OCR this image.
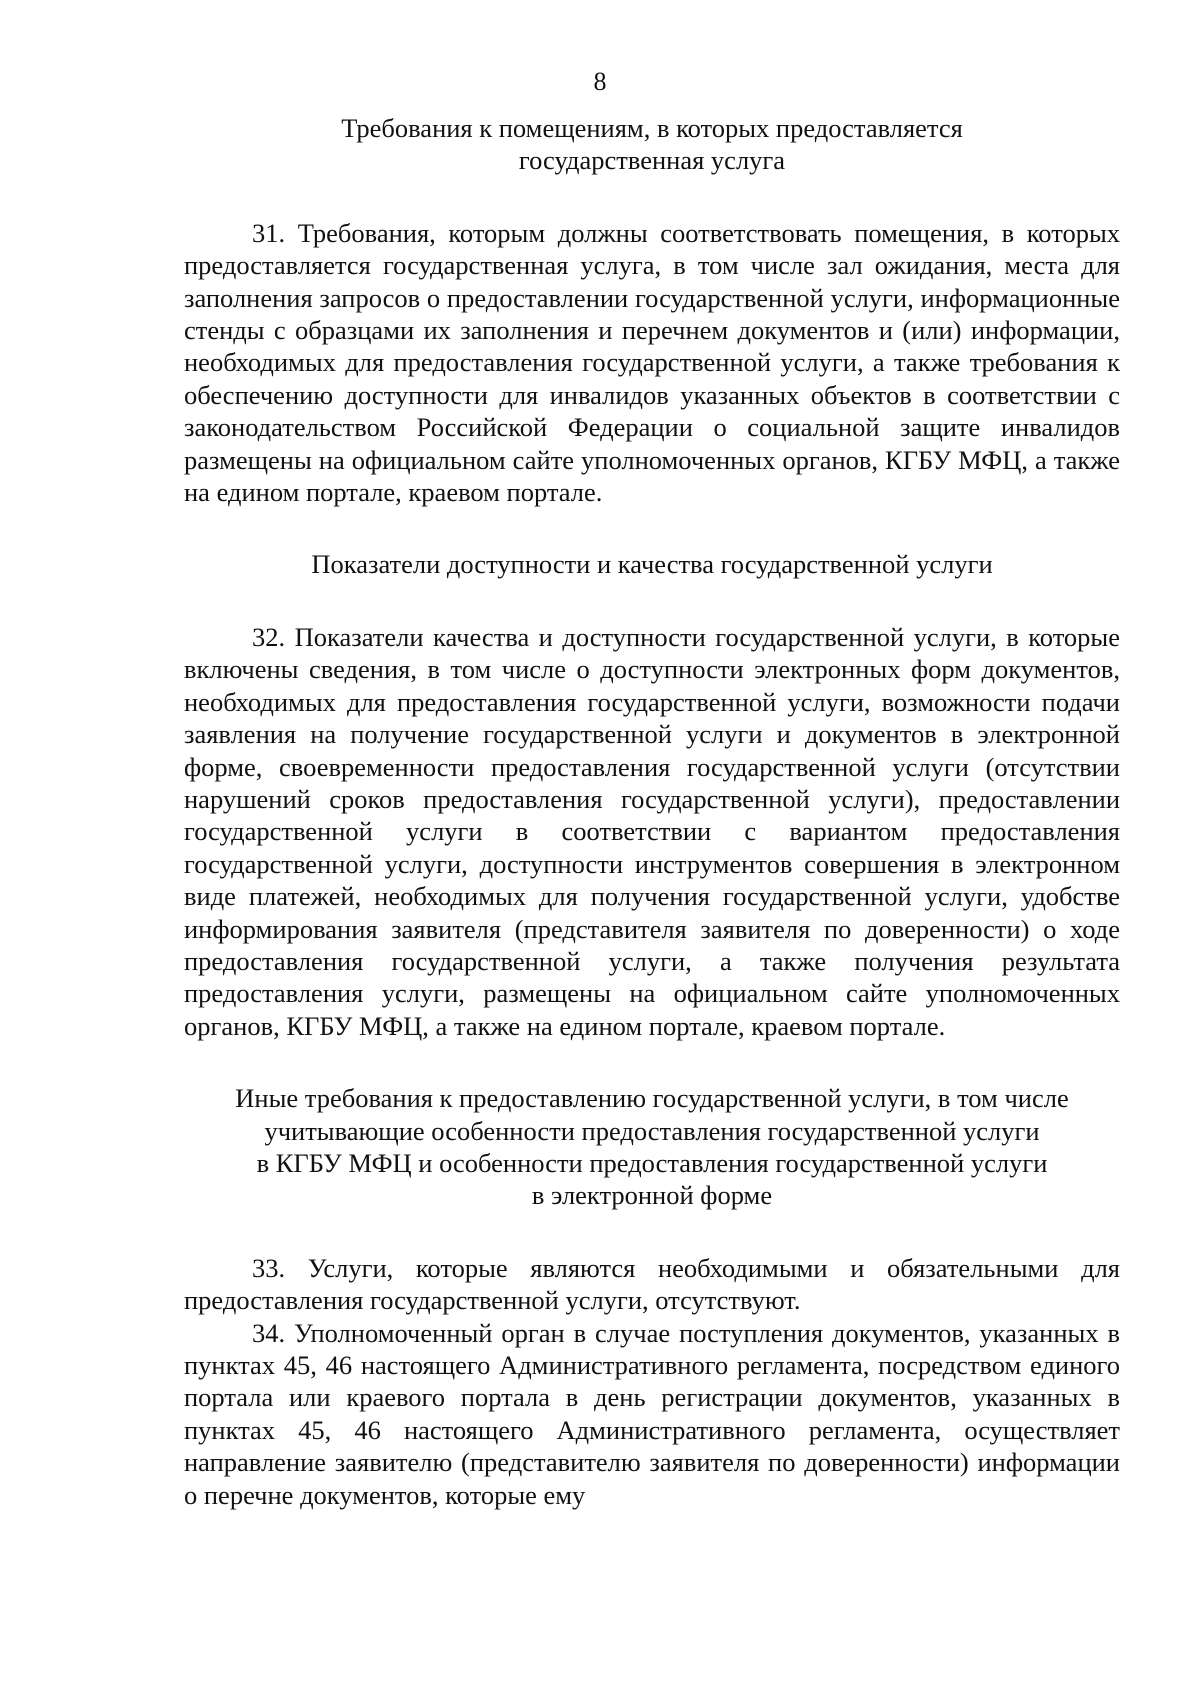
8
Требования к помещениям, в которых предоставляется
государственная услуга

31. Требования, которым должны соответствовать помещения, в которых предоставляется государственная услуга, в том числе зал ожидания, места для заполнения запросов о предоставлении государственной услуги, информационные стенды с образцами их заполнения и перечнем документов и (или) информации, необходимых для предоставления государственной услуги, а также требования к обеспечению доступности для инвалидов указанных объектов в соответствии с законодательством Российской Федерации о социальной защите инвалидов размещены на официальном сайте уполномоченных органов, КГБУ МФЦ, а также на едином портале, краевом портале.

Показатели доступности и качества государственной услуги

32. Показатели качества и доступности государственной услуги, в которые включены сведения, в том числе о доступности электронных форм документов, необходимых для предоставления государственной услуги, возможности подачи заявления на получение государственной услуги и документов в электронной форме, своевременности предоставления государственной услуги (отсутствии нарушений сроков предоставления государственной услуги), предоставлении государственной услуги в соответствии с вариантом предоставления государственной услуги, доступности инструментов совершения в электронном виде платежей, необходимых для получения государственной услуги, удобстве информирования заявителя (представителя заявителя по доверенности) о ходе предоставления государственной услуги, а также получения результата предоставления услуги, размещены на официальном сайте уполномоченных органов, КГБУ МФЦ, а также на едином портале, краевом портале.

Иные требования к предоставлению государственной услуги, в том числе
учитывающие особенности предоставления государственной услуги
в КГБУ МФЦ и особенности предоставления государственной услуги
в электронной форме

33. Услуги, которые являются необходимыми и обязательными для предоставления государственной услуги, отсутствуют.

34. Уполномоченный орган в случае поступления документов, указанных в пунктах 45, 46 настоящего Административного регламента, посредством единого портала или краевого портала в день регистрации документов, указанных в пунктах 45, 46 настоящего Административного регламента, осуществляет направление заявителю (представителю заявителя по доверенности) информации о перечне документов, которые ему
